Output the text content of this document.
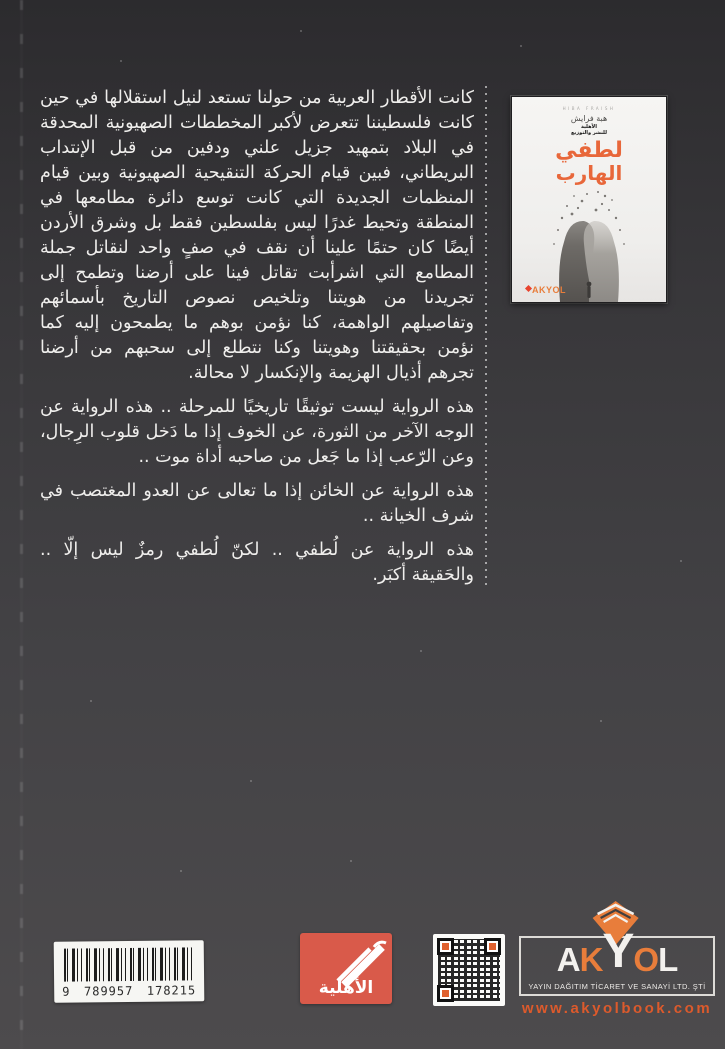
كانت الأقطار العربية من حولنا تستعد لنيل استقلالها في حين كانت فلسطيننا تتعرض لأكبر المخططات الصهيونية المحدقة في البلاد بتمهيد جزيل علني ودفين من قبل الإنتداب البريطاني، فبين قيام الحركة التنقيحية الصهيونية وبين قيام المنظمات الجديدة التي كانت توسع دائرة مطامعها في المنطقة وتحيط غدرًا ليس بفلسطين فقط بل وشرق الأردن أيضًا كان حتمًا علينا أن نقف في صفٍ واحد لنقاتل جملة المطامع التي اشرأبت تقاتل فينا على أرضنا وتطمح إلى تجريدنا من هويتنا وتلخيص نصوص التاريخ بأسمائهم وتفاصيلهم الواهمة، كنا نؤمن بوهم ما يطمحون إليه كما نؤمن بحقيقتنا وهويتنا وكنا نتطلع إلى سحبهم من أرضنا تجرهم أذيال الهزيمة والإنكسار لا محالة.

هذه الرواية ليست توثيقًا تاريخيًا للمرحلة .. هذه الرواية عن الوجه الآخر من الثورة، عن الخوف إذا ما دَخل قلوب الرِجال، وعن الرّعب إذا ما جَعل من صاحبه أداة موت ..

هذه الرواية عن الخائن إذا ما تعالى عن العدو المغتصب في شرف الخيانة ..

هذه الرواية عن لُطفي .. لكنّ لُطفي رمزٌ ليس إلّا .. والحَقيقة أكبَر.

HIBA FRAISH
هبة فرايش
الأهلية
للنشر والتوزيع
لطفي
الهارب
AKYOL
9 789957 178215	الأهلية
A K Y O L
YAYIN DAĞITIM TİCARET VE SANAYİ LTD. ŞTİ
www.akyolbook.com
